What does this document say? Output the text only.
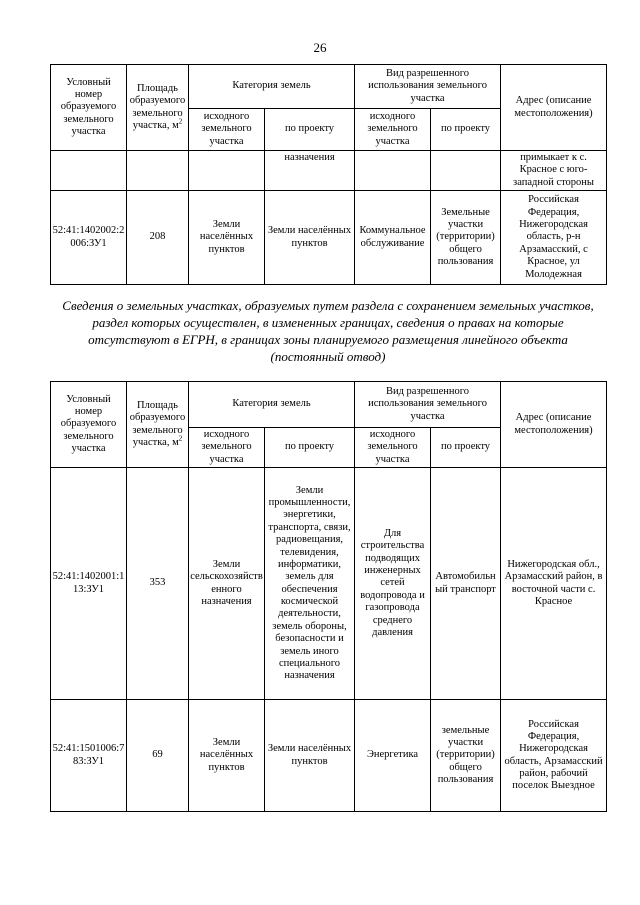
26
Условный номер образуемого земельного участка	Площадь образуемого земельного участка, $м^2$	Категория земель		Вид разрешенного использования земельного участка		Адрес (описание местоположения)
		исходного земельного участка	по проекту	исходного земельного участка	по проекту	
			назначения			примыкает к с. Красное с юго-западной стороны
52:41:1402002:2006:ЗУ1	208	Земли населённых пунктов	Земли населённых пунктов	Коммунальное обслуживание	Земельные участки (территории) общего пользования	Российская Федерация, Нижегородская область, р-н Арзамасский, с Красное, ул Молодежная
Сведения о земельных участках, образуемых путем раздела с сохранением земельных участков, раздел которых осуществлен, в измененных границах, сведения о правах на которые отсутствуют в ЕГРН, в границах зоны планируемого размещения линейного объекта (постоянный отвод)
Условный номер образуемого земельного участка	Площадь образуемого земельного участка, $м^2$	Категория земель		Вид разрешенного использования земельного участка		Адрес (описание местоположения)
		исходного земельного участка	по проекту	исходного земельного участка	по проекту	
52:41:1402001:113:ЗУ1	353	Земли сельскохозяйственного назначения	Земли промышленности, энергетики, транспорта, связи, радиовещания, телевидения, информатики, земель для обеспечения космической деятельности, земель обороны, безопасности и земель иного специального назначения	Для строительства подводящих инженерных сетей водопровода и газопровода среднего давления	Автомобильный транспорт	Нижегородская обл., Арзамасский район, в восточной части с. Красное
52:41:1501006:783:ЗУ1	69	Земли населённых пунктов	Земли населённых пунктов	Энергетика	земельные участки (территории) общего пользования	Российская Федерация, Нижегородская область, Арзамасский район, рабочий поселок Выездное
